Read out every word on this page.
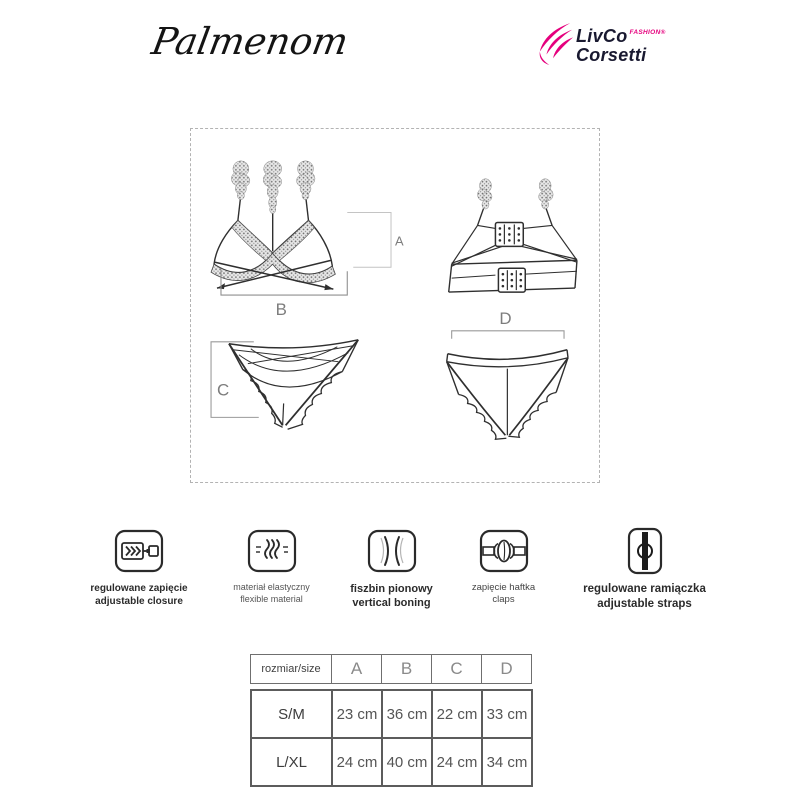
Palmenom	LivCo FASHION®
Corsetti
A
B
C
D
regulowane zapięcie
adjustable closure
materiał elastyczny
flexible material
fiszbin pionowy
vertical boning
zapięcie haftka
claps
regulowane ramiączka
adjustable straps
rozmiar/size	A	B	C	D
S/M	23 cm	36 cm	22 cm	33 cm
L/XL	24 cm	40 cm	24 cm	34 cm
